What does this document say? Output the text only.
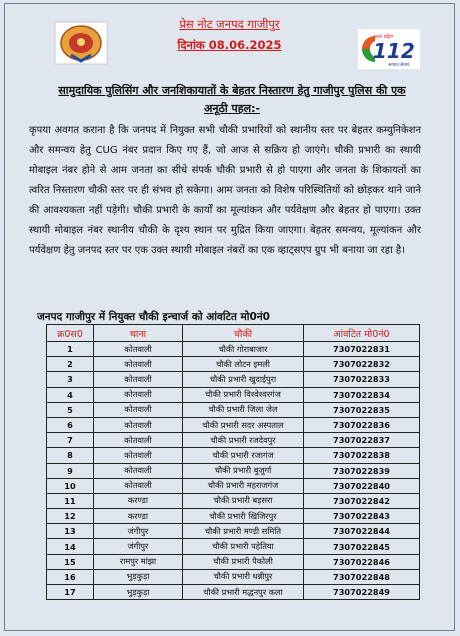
प्रेस नोट जनपद गाजीपुर
दिनांक 08.06.2025
उत्तर प्रदेश
112
आपात सेवाएं
सामुदायिक पुलिसिंग और जनशिकायातों के बेहतर निस्तारण हेतु गाजीपुर पुलिस की एक अनूठी पहल:-
कृपया अवगत कराना है कि जनपद में नियुक्त सभी चौकी प्रभारियों को स्थानीय स्तर पर बेहतर कम्युनिकेशन और समन्वय हेतु CUG नंबर प्रदान किए गए हैं, जो आज से सक्रिय हो जाएंगे। चौकी प्रभारी का स्थायी मोबाइल नंबर होने से आम जनता का सीधे संपर्क चौकी प्रभारी से हो पाएगा और जनता के शिकायतों का त्वरित निस्तारण चौकी स्तर पर ही संभव हो सकेगा। आम जनता को विशेष परिस्थितियों को छोड़कर थाने जाने की आवश्यकता नहीं पड़ेगी। चौकी प्रभारी के कार्यों का मूल्यांकन और पर्यवेक्षण और बेहतर हो पाएगा। उक्त स्थायी मोबाइल नंबर स्थानीय चौकी के दृश्य स्थान पर मुद्रित किया जाएगा। बेहतर समन्वय, मूल्यांकन और पर्यवेक्षण हेतु जनपद स्तर पर एक उक्त स्थायी मोबाइल नंबरों का एक व्हाट्सएप ग्रुप भी बनाया जा रहा है।
जनपद गाजीपुर में नियुक्त चौकी इन्चार्ज को आंवटित मो0नं0
क्र0स0	थाना	चौकी	आंवटित मो0नं0
1	कोतवाली	चौकी गोराबाजार	7307022831
2	कोतवाली	चौकी लोटन इमली	7307022832
3	कोतवाली	चौकी प्रभारी खुदाईपुरा	7307022833
4	कोतवाली	चौकी प्रभारी विश्वेश्वरगंज	7307022834
5	कोतवाली	चौकी प्रभारी जिला जेल	7307022835
6	कोतवाली	चौकी प्रभारी सदर अस्पताल	7307022836
7	कोतवाली	चौकी प्रभारी रजदेवपुर	7307022837
8	कोतवाली	चौकी प्रभारी रजागंज	7307022838
9	कोतवाली	चौकी प्रभारी बुजुर्गा	7307022839
10	कोतवाली	चौकी प्रभारी महराजगंज	7307022840
11	करण्डा	चौकी प्रभारी बड़सरा	7307022842
12	करण्डा	चौकी प्रभारी खिजिरपुर	7307022843
13	जंगीपुर	चौकी प्रभारी मण्डी समिति	7307022844
14	जंगीपुर	चौकी प्रभारी पहेतिया	7307022845
15	रामपुर मांझा	चौकी प्रभारी पैकोली	7307022846
16	भुड़कुड़ा	चौकी प्रभारी धन्नीपुर	7307022848
17	भुड़कुड़ा	चौकी प्रभारी मद्धनपुर कला	7307022849
